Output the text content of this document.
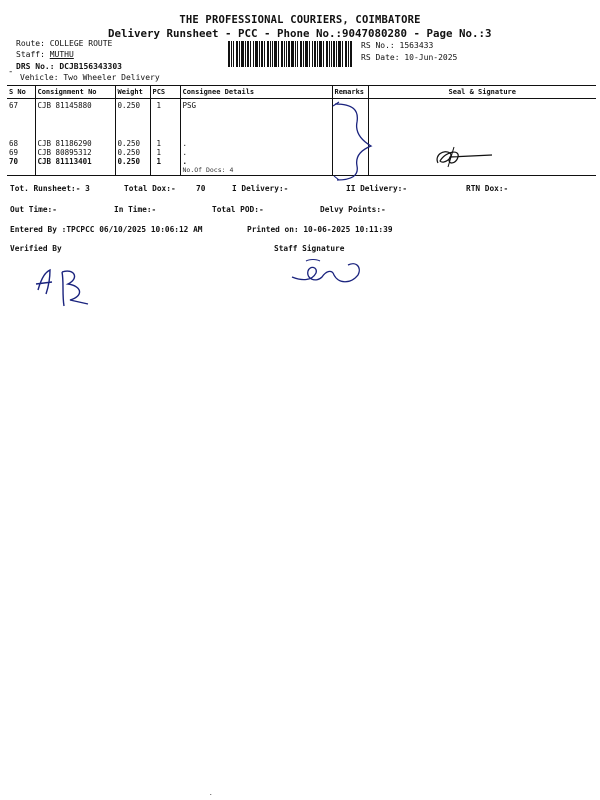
THE PROFESSIONAL COURIERS, COIMBATORE
Delivery Runsheet - PCC - Phone No.:9047080280 - Page No.:3
Route: COLLEGE ROUTE
Staff: MUTHU
DRS No.: DCJB156343303
Vehicle: Two Wheeler Delivery
-
RS No.: 1563433
RS Date: 10-Jun-2025
S No	Consignment No	Weight	PCS	Consignee Details	Remarks	Seal & Signature
67	CJB 81145880	0.250	1	PSG		
68	CJB 81186290	0.250	1	.		
69	CJB 80895312	0.250	1	.		
70	CJB 81113401	0.250	1	.		
				No.Of Docs: 4		
Tot. Runsheet:- 3	Total Dox:-	70	I Delivery:-	II Delivery:-	RTN Dox:-
Out Time:-	In Time:-	Total POD:-	Delvy Points:-
Entered By :TPCPCC 06/10/2025 10:06:12 AM	Printed on: 10-06-2025 10:11:39
Verified By	Staff Signature
.
